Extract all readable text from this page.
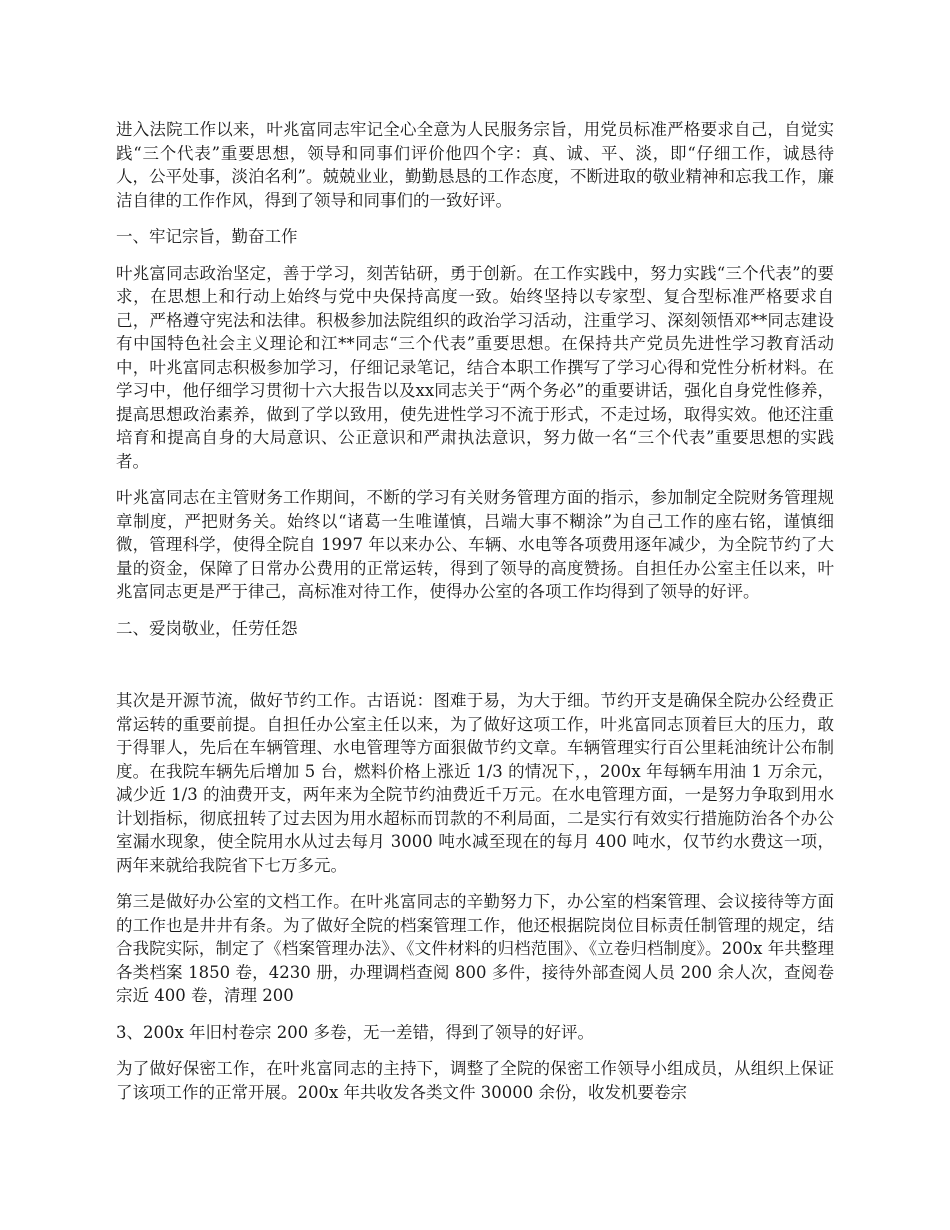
进入法院工作以来，叶兆富同志牢记全心全意为人民服务宗旨，用党员标准严格要求自己，自觉实践“三个代表”重要思想，领导和同事们评价他四个字：真、诚、平、淡，即“仔细工作，诚恳待人，公平处事，淡泊名利”。兢兢业业，勤勤恳恳的工作态度，不断进取的敬业精神和忘我工作，廉洁自律的工作作风，得到了领导和同事们的一致好评。

一、牢记宗旨，勤奋工作

叶兆富同志政治坚定，善于学习，刻苦钻研，勇于创新。在工作实践中，努力实践“三个代表”的要求，在思想上和行动上始终与党中央保持高度一致。始终坚持以专家型、复合型标准严格要求自己，严格遵守宪法和法律。积极参加法院组织的政治学习活动，注重学习、深刻领悟邓**同志建设有中国特色社会主义理论和江**同志“三个代表”重要思想。在保持共产党员先进性学习教育活动中，叶兆富同志积极参加学习，仔细记录笔记，结合本职工作撰写了学习心得和党性分析材料。在学习中，他仔细学习贯彻十六大报告以及xx同志关于“两个务必”的重要讲话，强化自身党性修养，提高思想政治素养，做到了学以致用，使先进性学习不流于形式，不走过场，取得实效。他还注重培育和提高自身的大局意识、公正意识和严肃执法意识，努力做一名“三个代表”重要思想的实践者。

叶兆富同志在主管财务工作期间，不断的学习有关财务管理方面的指示，参加制定全院财务管理规章制度，严把财务关。始终以“诸葛一生唯谨慎，吕端大事不糊涂”为自己工作的座右铭，谨慎细微，管理科学，使得全院自 1997 年以来办公、车辆、水电等各项费用逐年减少，为全院节约了大量的资金，保障了日常办公费用的正常运转，得到了领导的高度赞扬。自担任办公室主任以来，叶兆富同志更是严于律己，高标准对待工作，使得办公室的各项工作均得到了领导的好评。

二、爱岗敬业，任劳任怨

其次是开源节流，做好节约工作。古语说：图难于易，为大于细。节约开支是确保全院办公经费正常运转的重要前提。自担任办公室主任以来，为了做好这项工作，叶兆富同志顶着巨大的压力，敢于得罪人，先后在车辆管理、水电管理等方面狠做节约文章。车辆管理实行百公里耗油统计公布制度。在我院车辆先后增加 5 台，燃料价格上涨近 1/3 的情况下，，200x 年每辆车用油 1 万余元，减少近 1/3 的油费开支，两年来为全院节约油费近千万元。在水电管理方面，一是努力争取到用水计划指标，彻底扭转了过去因为用水超标而罚款的不利局面，二是实行有效实行措施防治各个办公室漏水现象，使全院用水从过去每月 3000 吨水减至现在的每月 400 吨水，仅节约水费这一项，两年来就给我院省下七万多元。

第三是做好办公室的文档工作。在叶兆富同志的辛勤努力下，办公室的档案管理、会议接待等方面的工作也是井井有条。为了做好全院的档案管理工作，他还根据院岗位目标责任制管理的规定，结合我院实际，制定了《档案管理办法》、《文件材料的归档范围》、《立卷归档制度》。200x 年共整理各类档案 1850 卷，4230 册，办理调档查阅 800 多件，接待外部查阅人员 200 余人次，查阅卷宗近 400 卷，清理 200

3、200x 年旧村卷宗 200 多卷，无一差错，得到了领导的好评。

为了做好保密工作，在叶兆富同志的主持下，调整了全院的保密工作领导小组成员，从组织上保证了该项工作的正常开展。200x 年共收发各类文件 30000 余份，收发机要卷宗
